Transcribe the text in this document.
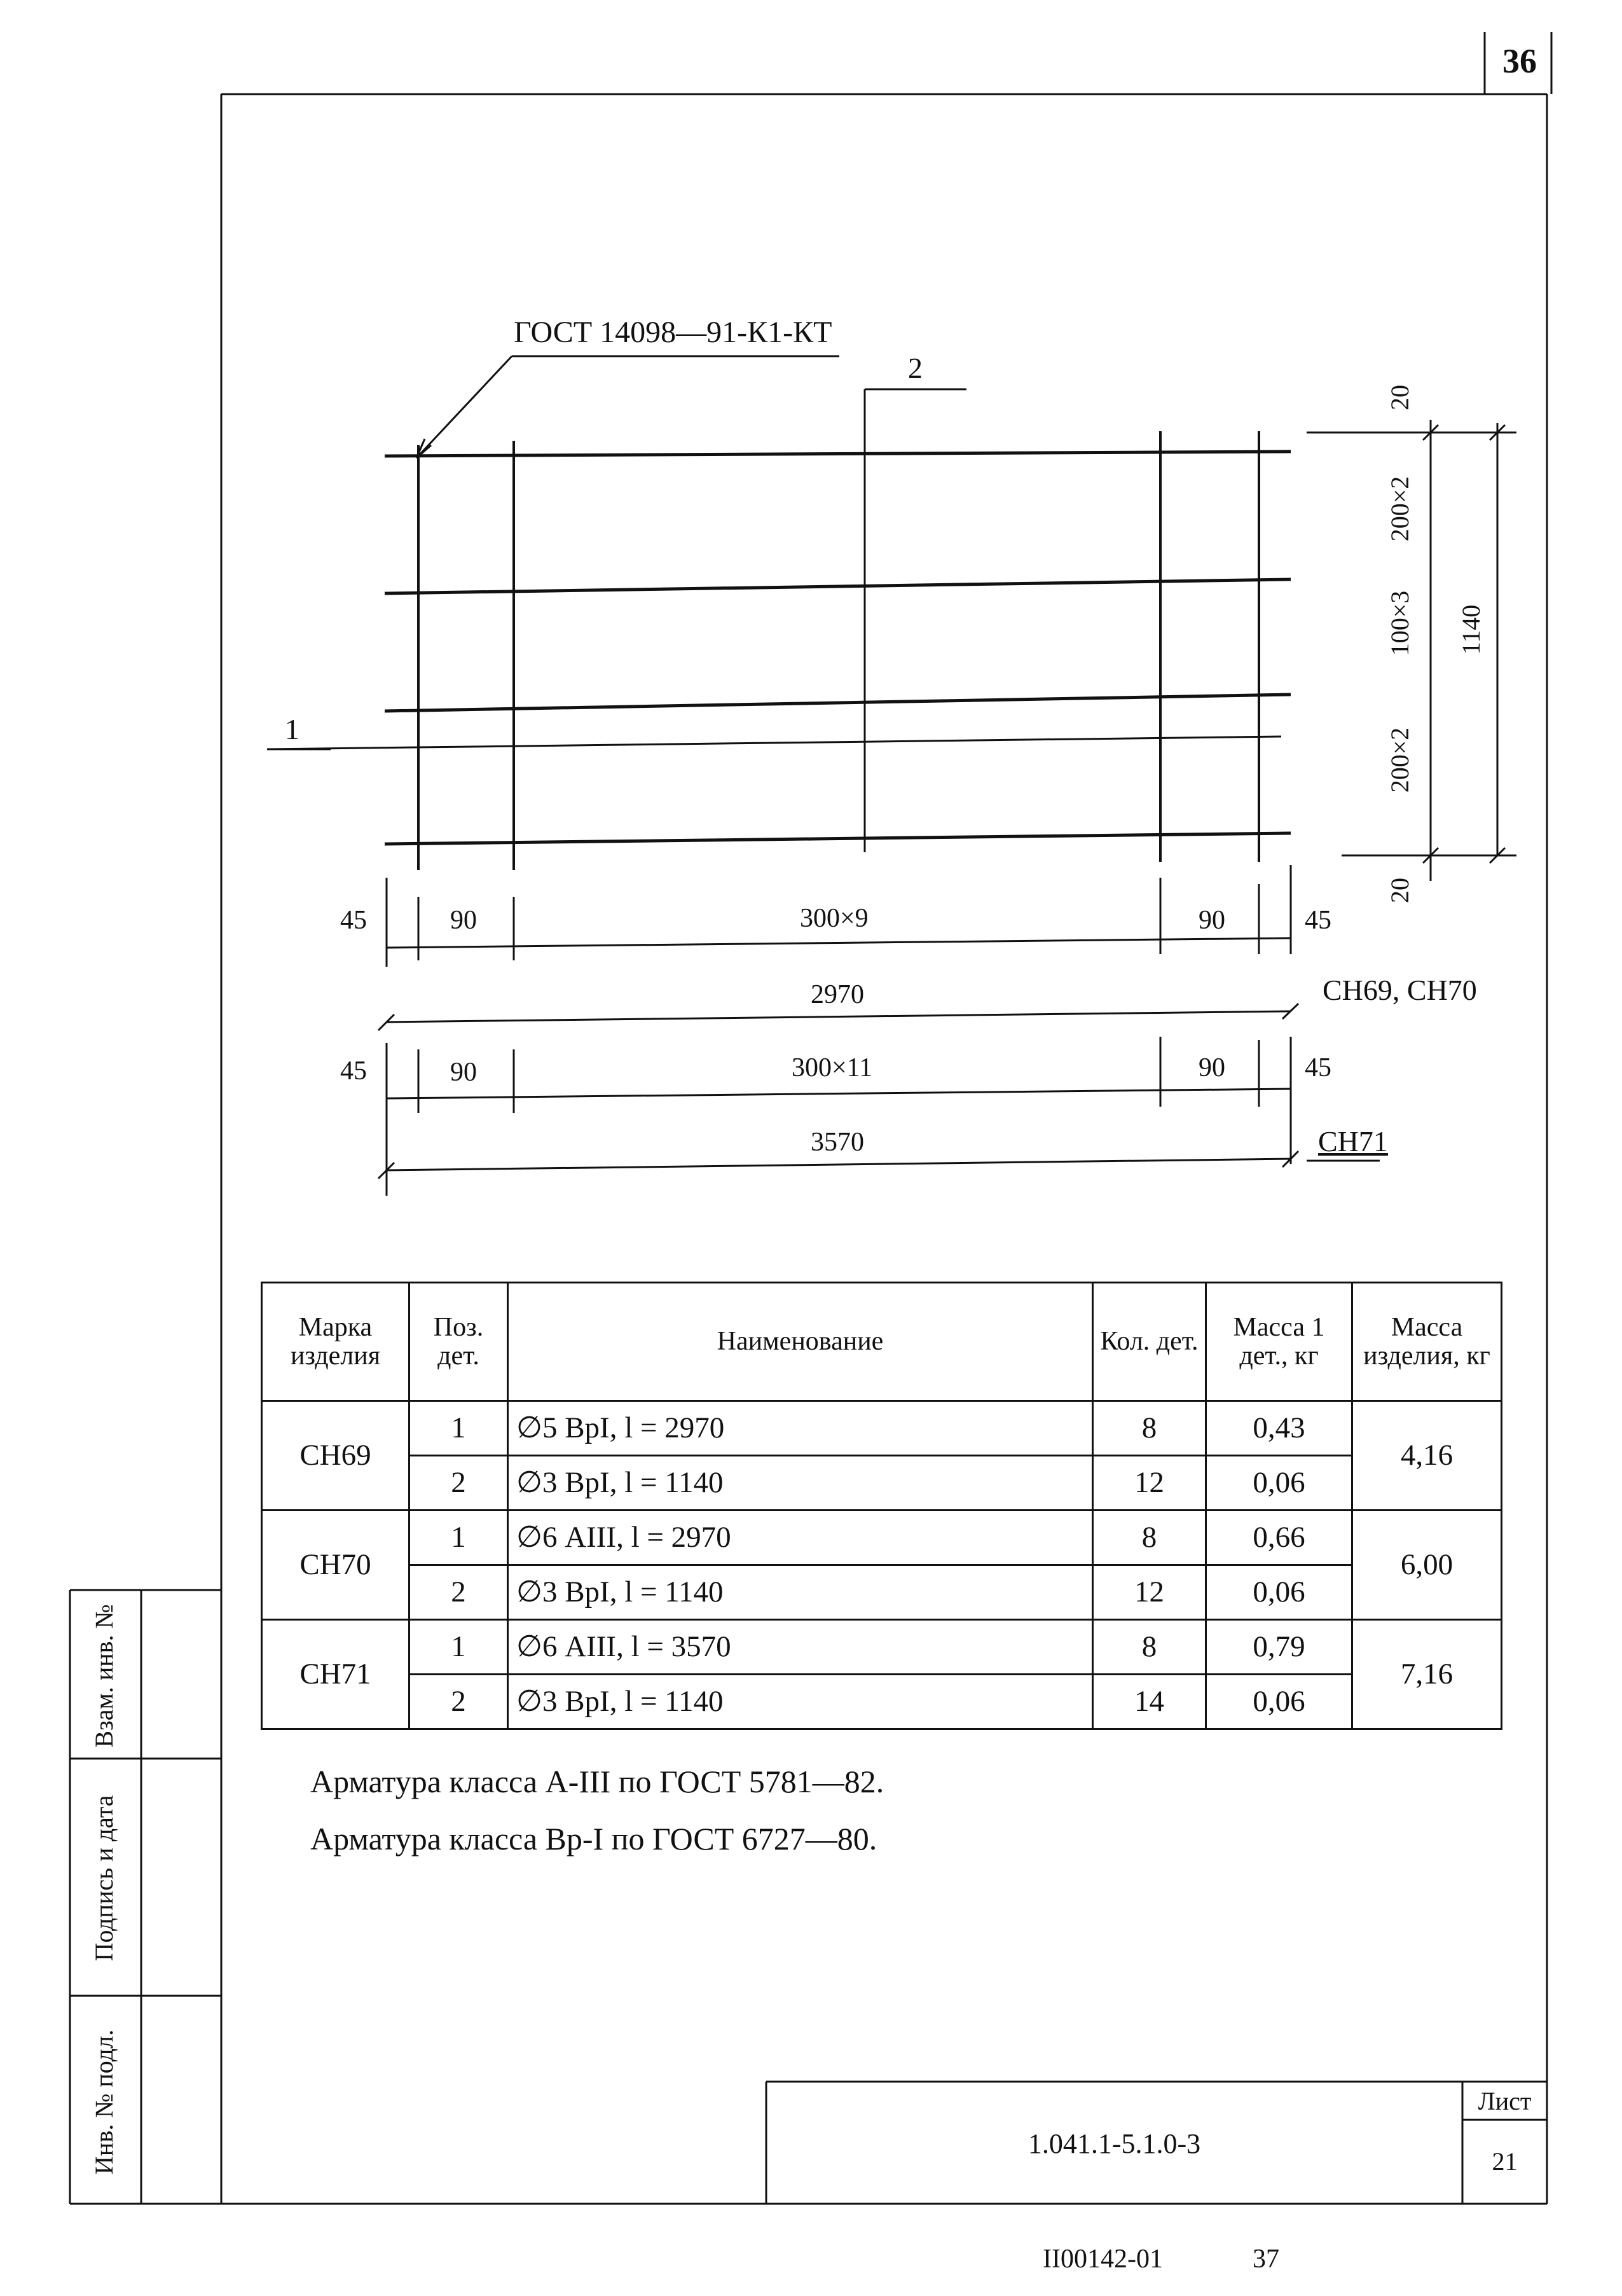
36
ГОСТ 14098—91-К1-КТ
2
1
20
200×2
100×3
200×2
20
1140
45	90	300×9	90	45
2970	СН69, СН70
45	90	300×11	90	45
3570	СН71
Марка изделия	Поз. дет.	Наименование	Кол. дет.	Масса 1 дет., кг	Масса изделия, кг
СН69	1	∅5 ВрI, l = 2970	8	0,43	4,16
	2	∅3 ВрI, l = 1140	12	0,06	
СН70	1	∅6 АIII, l = 2970	8	0,66	6,00
	2	∅3 ВрI, l = 1140	12	0,06	
СН71	1	∅6 АIII, l = 3570	8	0,79	7,16
	2	∅3 ВрI, l = 1140	14	0,06	
Арматура класса А-III по ГОСТ 5781—82.
Арматура класса Вр-I по ГОСТ 6727—80.
Взам. инв. №
Подпись и дата
Инв. № подл.	1.041.1-5.1.0-3
Лист
21
II00142-01	37
